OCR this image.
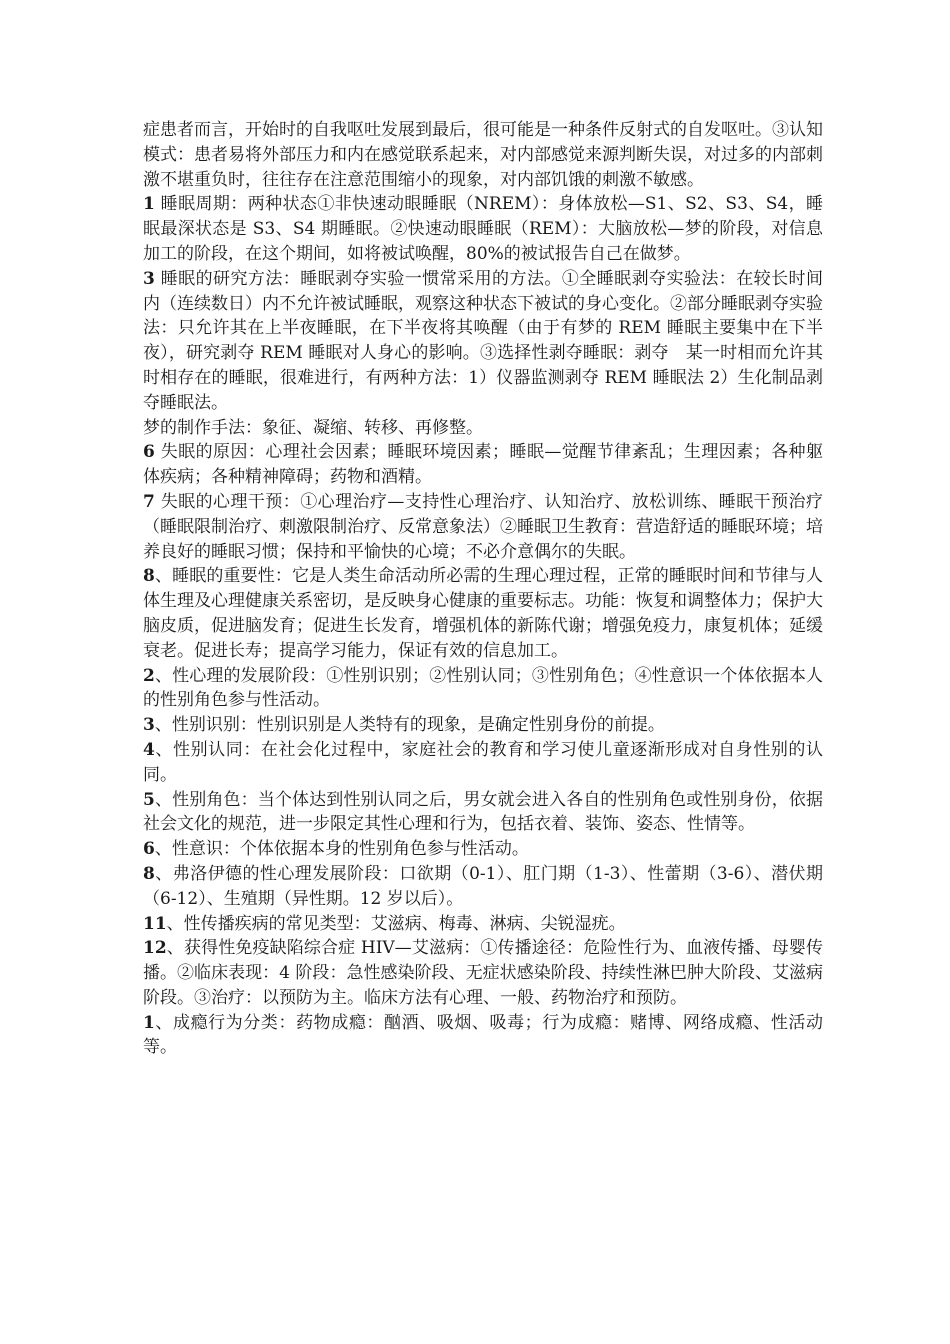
症患者而言，开始时的自我呕吐发展到最后，很可能是一种条件反射式的自发呕吐。③认知模式：患者易将外部压力和内在感觉联系起来，对内部感觉来源判断失误，对过多的内部刺激不堪重负时，往往存在注意范围缩小的现象，对内部饥饿的刺激不敏感。

1 睡眠周期：两种状态①非快速动眼睡眠（NREM）：身体放松—S1、S2、S3、S4，睡眠最深状态是 S3、S4 期睡眠。②快速动眼睡眠（REM）：大脑放松—梦的阶段，对信息加工的阶段，在这个期间，如将被试唤醒，80%的被试报告自己在做梦。

3 睡眠的研究方法：睡眠剥夺实验一惯常采用的方法。①全睡眠剥夺实验法：在较长时间内（连续数日）内不允许被试睡眠，观察这种状态下被试的身心变化。②部分睡眠剥夺实验法：只允许其在上半夜睡眠，在下半夜将其唤醒（由于有梦的 REM 睡眠主要集中在下半夜），研究剥夺 REM 睡眠对人身心的影响。③选择性剥夺睡眠：剥夺　某一时相而允许其时相存在的睡眠，很难进行，有两种方法：1）仪器监测剥夺 REM 睡眠法 2）生化制品剥夺睡眠法。

梦的制作手法：象征、凝缩、转移、再修整。

6 失眠的原因：心理社会因素；睡眠环境因素；睡眠—觉醒节律紊乱；生理因素；各种躯体疾病；各种精神障碍；药物和酒精。

7 失眠的心理干预：①心理治疗—支持性心理治疗、认知治疗、放松训练、睡眠干预治疗（睡眠限制治疗、刺激限制治疗、反常意象法）②睡眠卫生教育：营造舒适的睡眠环境；培养良好的睡眠习惯；保持和平愉快的心境；不必介意偶尔的失眠。

8、睡眠的重要性：它是人类生命活动所必需的生理心理过程，正常的睡眠时间和节律与人体生理及心理健康关系密切，是反映身心健康的重要标志。功能：恢复和调整体力；保护大脑皮质，促进脑发育；促进生长发育，增强机体的新陈代谢；增强免疫力，康复机体；延缓衰老。促进长寿；提高学习能力，保证有效的信息加工。

2、性心理的发展阶段：①性别识别；②性别认同；③性别角色；④性意识一个体依据本人的性别角色参与性活动。

3、性别识别：性别识别是人类特有的现象，是确定性别身份的前提。

4、性别认同：在社会化过程中，家庭社会的教育和学习使儿童逐渐形成对自身性别的认同。

5、性别角色：当个体达到性别认同之后，男女就会进入各自的性别角色或性别身份，依据社会文化的规范，进一步限定其性心理和行为，包括衣着、装饰、姿态、性情等。

6、性意识：个体依据本身的性别角色参与性活动。

8、弗洛伊德的性心理发展阶段：口欲期（0-1）、肛门期（1-3）、性蕾期（3-6）、潜伏期（6-12）、生殖期（异性期。12 岁以后）。

11、性传播疾病的常见类型：艾滋病、梅毒、淋病、尖锐湿疣。

12、获得性免疫缺陷综合症 HIV—艾滋病：①传播途径：危险性行为、血液传播、母婴传播。②临床表现：4 阶段：急性感染阶段、无症状感染阶段、持续性淋巴肿大阶段、艾滋病阶段。③治疗：以预防为主。临床方法有心理、一般、药物治疗和预防。

1、成瘾行为分类：药物成瘾：酗酒、吸烟、吸毒；行为成瘾：赌博、网络成瘾、性活动等。
